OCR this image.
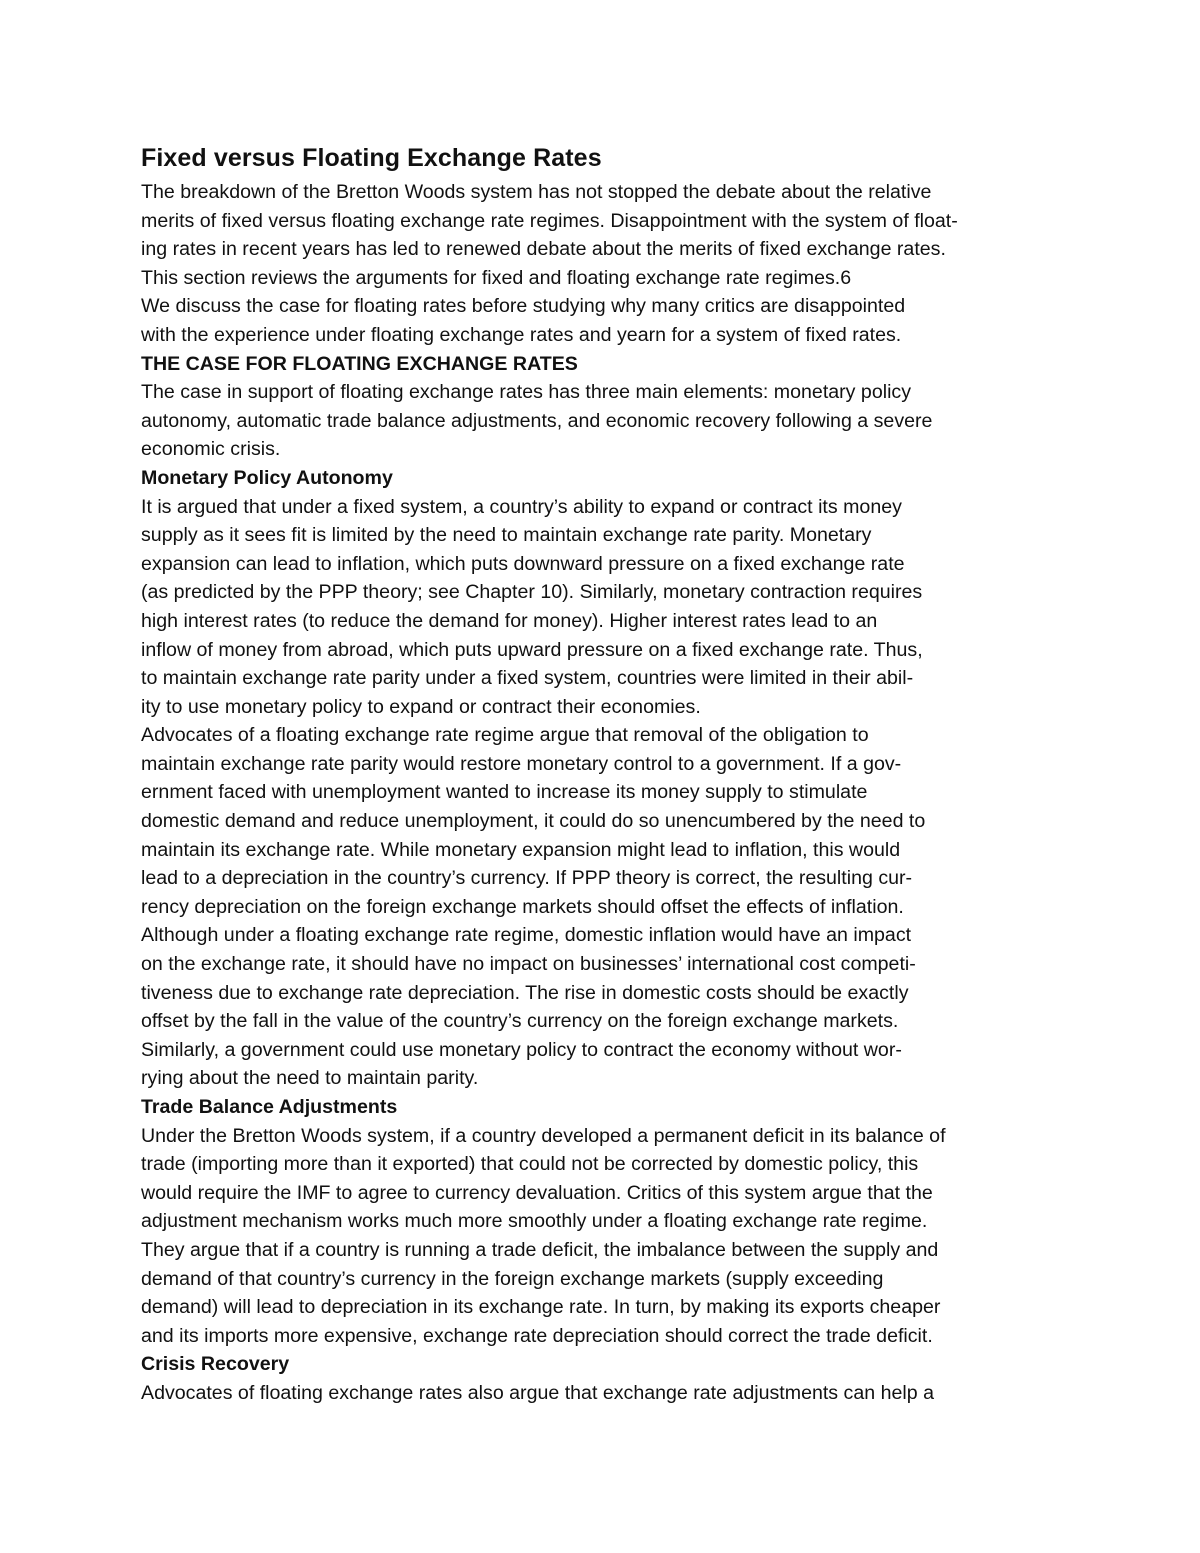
Fixed versus Floating Exchange Rates
The breakdown of the Bretton Woods system has not stopped the debate about the relative
merits of fixed versus floating exchange rate regimes. Disappointment with the system of float-
ing rates in recent years has led to renewed debate about the merits of fixed exchange rates.
This section reviews the arguments for fixed and floating exchange rate regimes.6
We discuss the case for floating rates before studying why many critics are disappointed
with the experience under floating exchange rates and yearn for a system of fixed rates.
THE CASE FOR FLOATING EXCHANGE RATES
The case in support of floating exchange rates has three main elements: monetary policy
autonomy, automatic trade balance adjustments, and economic recovery following a severe
economic crisis.
Monetary Policy Autonomy
It is argued that under a fixed system, a country’s ability to expand or contract its money
supply as it sees fit is limited by the need to maintain exchange rate parity. Monetary
expansion can lead to inflation, which puts downward pressure on a fixed exchange rate
(as predicted by the PPP theory; see Chapter 10). Similarly, monetary contraction requires
high interest rates (to reduce the demand for money). Higher interest rates lead to an
inflow of money from abroad, which puts upward pressure on a fixed exchange rate. Thus,
to maintain exchange rate parity under a fixed system, countries were limited in their abil-
ity to use monetary policy to expand or contract their economies.
Advocates of a floating exchange rate regime argue that removal of the obligation to
maintain exchange rate parity would restore monetary control to a government. If a gov-
ernment faced with unemployment wanted to increase its money supply to stimulate
domestic demand and reduce unemployment, it could do so unencumbered by the need to
maintain its exchange rate. While monetary expansion might lead to inflation, this would
lead to a depreciation in the country’s currency. If PPP theory is correct, the resulting cur-
rency depreciation on the foreign exchange markets should offset the effects of inflation.
Although under a floating exchange rate regime, domestic inflation would have an impact
on the exchange rate, it should have no impact on businesses’ international cost competi-
tiveness due to exchange rate depreciation. The rise in domestic costs should be exactly
offset by the fall in the value of the country’s currency on the foreign exchange markets.
Similarly, a government could use monetary policy to contract the economy without wor-
rying about the need to maintain parity.
Trade Balance Adjustments
Under the Bretton Woods system, if a country developed a permanent deficit in its balance of
trade (importing more than it exported) that could not be corrected by domestic policy, this
would require the IMF to agree to currency devaluation. Critics of this system argue that the
adjustment mechanism works much more smoothly under a floating exchange rate regime.
They argue that if a country is running a trade deficit, the imbalance between the supply and
demand of that country’s currency in the foreign exchange markets (supply exceeding
demand) will lead to depreciation in its exchange rate. In turn, by making its exports cheaper
and its imports more expensive, exchange rate depreciation should correct the trade deficit.
Crisis Recovery
Advocates of floating exchange rates also argue that exchange rate adjustments can help a
